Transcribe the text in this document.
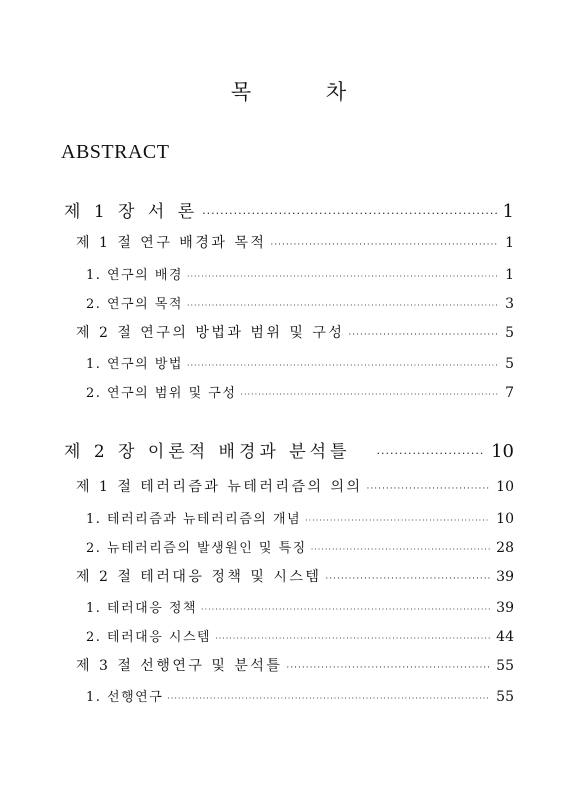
목 차
ABSTRACT
제 1 장 서 론 ·····	1
제 1 절 연구 배경과 목적 ·····	1
1. 연구의 배경 ·····	1
2. 연구의 목적 ·····	3
제 2 절 연구의 방법과 범위 및 구성 ·····	5
1. 연구의 방법 ·····	5
2. 연구의 범위 및 구성 ·····	7
제 2 장 이론적 배경과 분석틀 ·····	10
제 1 절 테러리즘과 뉴테러리즘의 의의 ·····	10
1. 테러리즘과 뉴테러리즘의 개념 ·····	10
2. 뉴테러리즘의 발생원인 및 특징 ·····	28
제 2 절 테러대응 정책 및 시스템 ·····	39
1. 테러대응 정책 ·····	39
2. 테러대응 시스템 ·····	44
제 3 절 선행연구 및 분석틀 ·····	55
1. 선행연구 ·····	55
